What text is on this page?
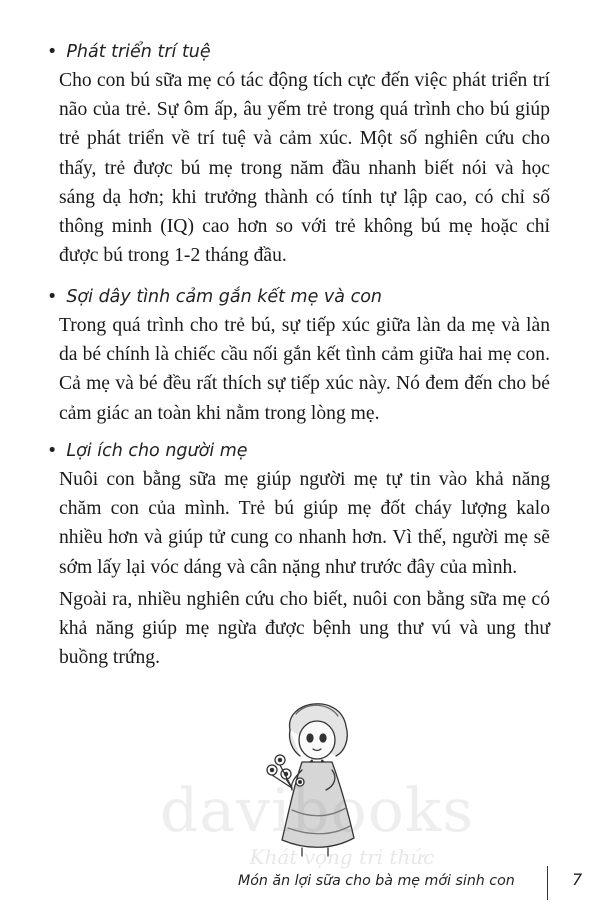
• Phát triển trí tuệ

Cho con bú sữa mẹ có tác động tích cực đến việc phát triển trí não của trẻ. Sự ôm ấp, âu yếm trẻ trong quá trình cho bú giúp trẻ phát triển về trí tuệ và cảm xúc. Một số nghiên cứu cho thấy, trẻ được bú mẹ trong năm đầu nhanh biết nói và học sáng dạ hơn; khi trưởng thành có tính tự lập cao, có chỉ số thông minh (IQ) cao hơn so với trẻ không bú mẹ hoặc chỉ được bú trong 1-2 tháng đầu.

• Sợi dây tình cảm gắn kết mẹ và con

Trong quá trình cho trẻ bú, sự tiếp xúc giữa làn da mẹ và làn da bé chính là chiếc cầu nối gắn kết tình cảm giữa hai mẹ con. Cả mẹ và bé đều rất thích sự tiếp xúc này. Nó đem đến cho bé cảm giác an toàn khi nằm trong lòng mẹ.

• Lợi ích cho người mẹ

Nuôi con bằng sữa mẹ giúp người mẹ tự tin vào khả năng chăm con của mình. Trẻ bú giúp mẹ đốt cháy lượng kalo nhiều hơn và giúp tử cung co nhanh hơn. Vì thế, người mẹ sẽ sớm lấy lại vóc dáng và cân nặng như trước đây của mình.

Ngoài ra, nhiều nghiên cứu cho biết, nuôi con bằng sữa mẹ có khả năng giúp mẹ ngừa được bệnh ung thư vú và ung thư buồng trứng.

davibooks
Khát vọng tri thức
Món ăn lợi sữa cho bà mẹ mới sinh con	7
